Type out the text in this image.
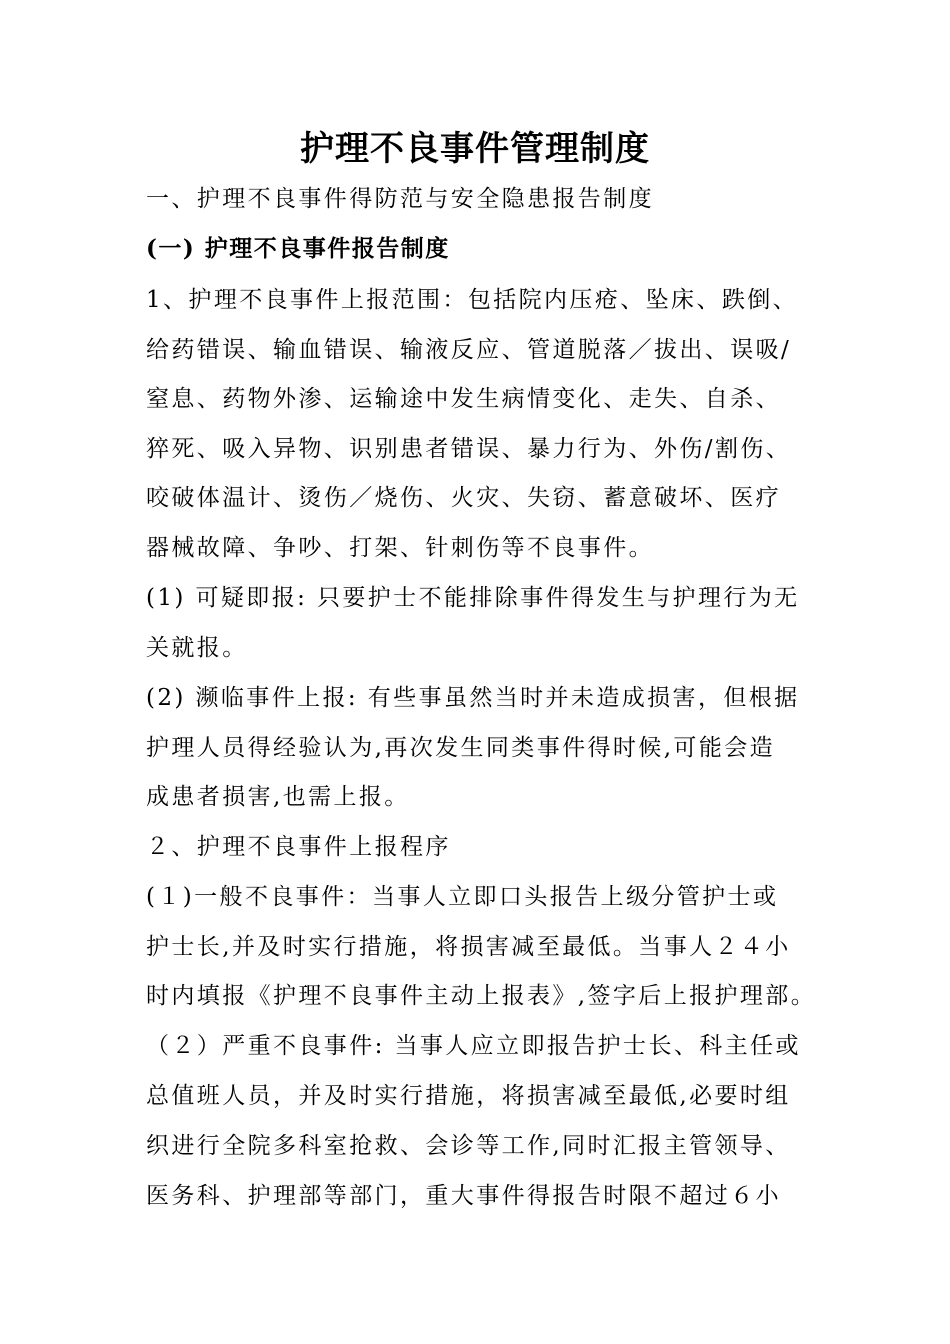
护理不良事件管理制度
一、护理不良事件得防范与安全隐患报告制度
(一) 护理不良事件报告制度
1、护理不良事件上报范围：包括院内压疮、坠床、跌倒、
给药错误、输血错误、输液反应、管道脱落／拔出、误吸/
窒息、药物外渗、运输途中发生病情变化、走失、自杀、
猝死、吸入异物、识别患者错误、暴力行为、外伤/割伤、
咬破体温计、烫伤／烧伤、火灾、失窃、蓄意破坏、医疗
器械故障、争吵、打架、针刺伤等不良事件。
(1) 可疑即报: 只要护士不能排除事件得发生与护理行为无
关就报。
(2) 濒临事件上报: 有些事虽然当时并未造成损害，但根据
护理人员得经验认为,再次发生同类事件得时候,可能会造
成患者损害,也需上报。
２、护理不良事件上报程序
(１)一般不良事件：当事人立即口头报告上级分管护士或
护士长,并及时实行措施，将损害减至最低。当事人２４小
时内填报《护理不良事件主动上报表》,签字后上报护理部。
（２）严重不良事件: 当事人应立即报告护士长、科主任或
总值班人员，并及时实行措施，将损害减至最低,必要时组
织进行全院多科室抢救、会诊等工作,同时汇报主管领导、
医务科、护理部等部门，重大事件得报告时限不超过６小
